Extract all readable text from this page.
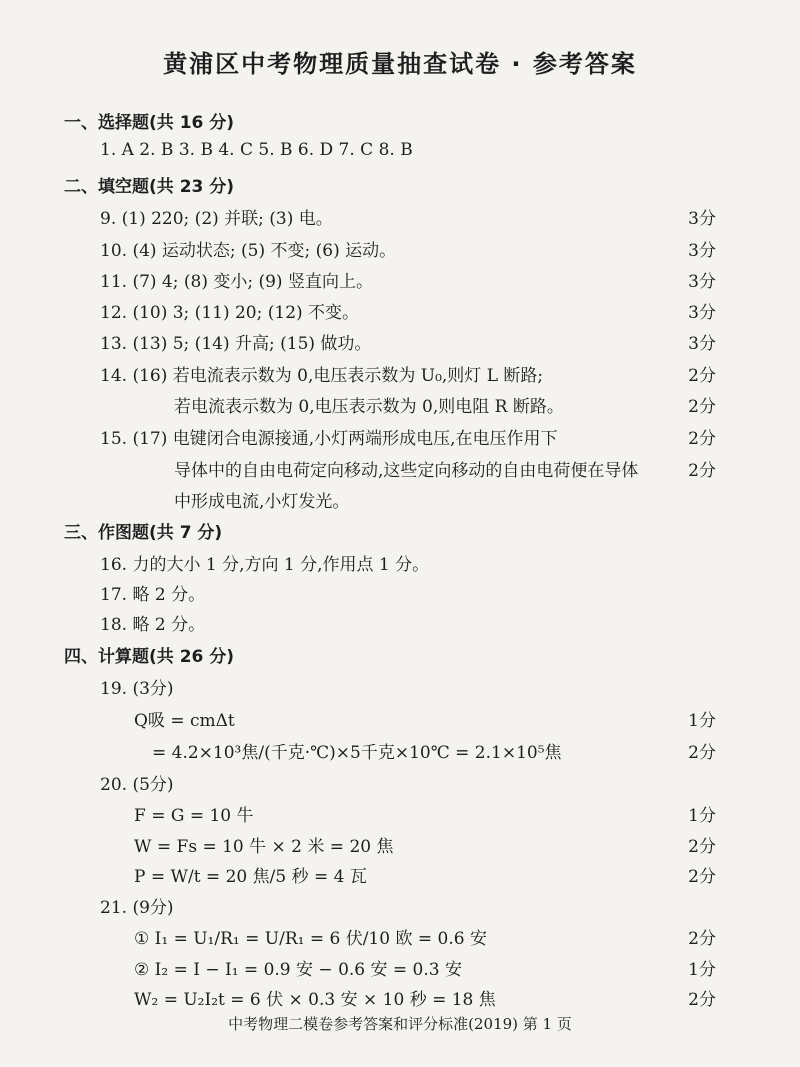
黄浦区中考物理质量抽查试卷 · 参考答案
一、选择题(共 16 分)
1. A 2. B 3. B 4. C 5. B 6. D 7. C 8. B
二、填空题(共 23 分)
9. (1) 220; (2) 并联; (3) 电。	3分
10. (4) 运动状态; (5) 不变; (6) 运动。	3分
11. (7) 4; (8) 变小; (9) 竖直向上。	3分
12. (10) 3; (11) 20; (12) 不变。	3分
13. (13) 5; (14) 升高; (15) 做功。	3分
14. (16) 若电流表示数为 0,电压表示数为 U₀,则灯 L 断路;	2分
若电流表示数为 0,电压表示数为 0,则电阻 R 断路。	2分
15. (17) 电键闭合电源接通,小灯两端形成电压,在电压作用下	2分
导体中的自由电荷定向移动,这些定向移动的自由电荷便在导体	2分
中形成电流,小灯发光。
三、作图题(共 7 分)
16. 力的大小 1 分,方向 1 分,作用点 1 分。
17. 略 2 分。
18. 略 2 分。
四、计算题(共 26 分)
19. (3分)
Q吸 = cmΔt	1分
= 4.2×10³焦/(千克·℃)×5千克×10℃ = 2.1×10⁵焦	2分
20. (5分)
F = G = 10 牛	1分
W = Fs = 10 牛 × 2 米 = 20 焦	2分
P = W/t = 20 焦/5 秒 = 4 瓦	2分
21. (9分)
① I₁ = U₁/R₁ = U/R₁ = 6 伏/10 欧 = 0.6 安	2分
② I₂ = I − I₁ = 0.9 安 − 0.6 安 = 0.3 安	1分
W₂ = U₂I₂t = 6 伏 × 0.3 安 × 10 秒 = 18 焦	2分
中考物理二模卷参考答案和评分标准(2019) 第 1 页
